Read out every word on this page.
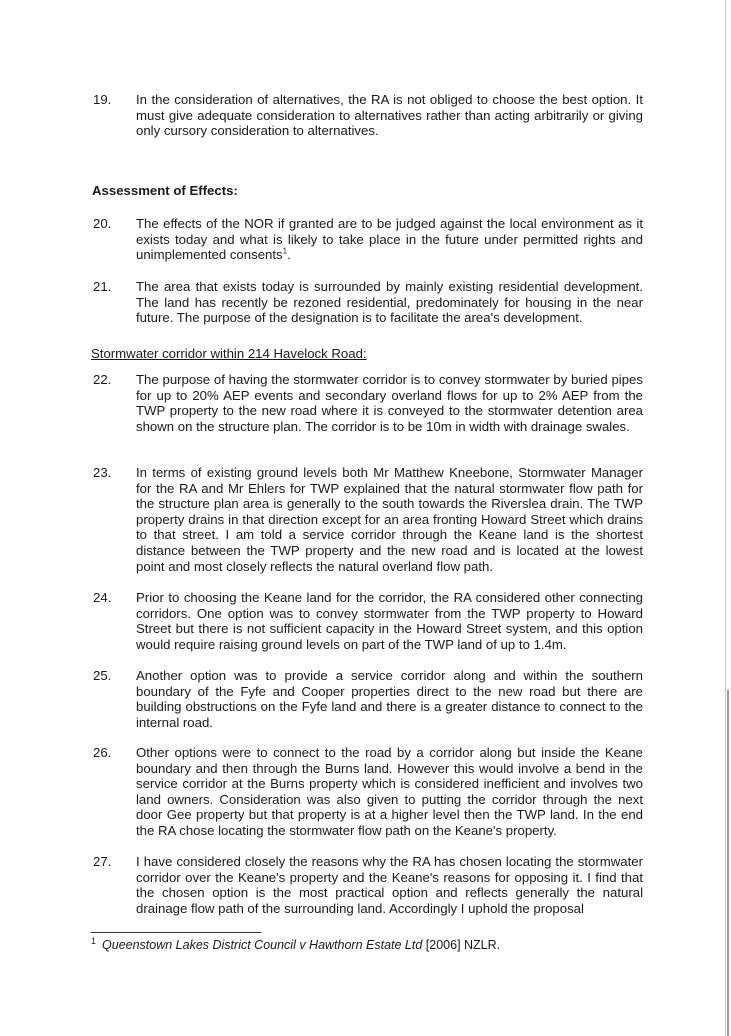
19. In the consideration of alternatives, the RA is not obliged to choose the best option. It must give adequate consideration to alternatives rather than acting arbitrarily or giving only cursory consideration to alternatives.
Assessment of Effects:
20. The effects of the NOR if granted are to be judged against the local environment as it exists today and what is likely to take place in the future under permitted rights and unimplemented consents$^1$.
21. The area that exists today is surrounded by mainly existing residential development. The land has recently be rezoned residential, predominately for housing in the near future. The purpose of the designation is to facilitate the area's development.
Stormwater corridor within 214 Havelock Road:
22. The purpose of having the stormwater corridor is to convey stormwater by buried pipes for up to 20% AEP events and secondary overland flows for up to 2% AEP from the TWP property to the new road where it is conveyed to the stormwater detention area shown on the structure plan. The corridor is to be 10m in width with drainage swales.
23. In terms of existing ground levels both Mr Matthew Kneebone, Stormwater Manager for the RA and Mr Ehlers for TWP explained that the natural stormwater flow path for the structure plan area is generally to the south towards the Riverslea drain. The TWP property drains in that direction except for an area fronting Howard Street which drains to that street. I am told a service corridor through the Keane land is the shortest distance between the TWP property and the new road and is located at the lowest point and most closely reflects the natural overland flow path.
24. Prior to choosing the Keane land for the corridor, the RA considered other connecting corridors. One option was to convey stormwater from the TWP property to Howard Street but there is not sufficient capacity in the Howard Street system, and this option would require raising ground levels on part of the TWP land of up to 1.4m.
25. Another option was to provide a service corridor along and within the southern boundary of the Fyfe and Cooper properties direct to the new road but there are building obstructions on the Fyfe land and there is a greater distance to connect to the internal road.
26. Other options were to connect to the road by a corridor along but inside the Keane boundary and then through the Burns land. However this would involve a bend in the service corridor at the Burns property which is considered inefficient and involves two land owners. Consideration was also given to putting the corridor through the next door Gee property but that property is at a higher level then the TWP land. In the end the RA chose locating the stormwater flow path on the Keane's property.
27. I have considered closely the reasons why the RA has chosen locating the stormwater corridor over the Keane's property and the Keane's reasons for opposing it. I find that the chosen option is the most practical option and reflects generally the natural drainage flow path of the surrounding land. Accordingly I uphold the proposal
$^1$ Queenstown Lakes District Council v Hawthorn Estate Ltd [2006] NZLR.
